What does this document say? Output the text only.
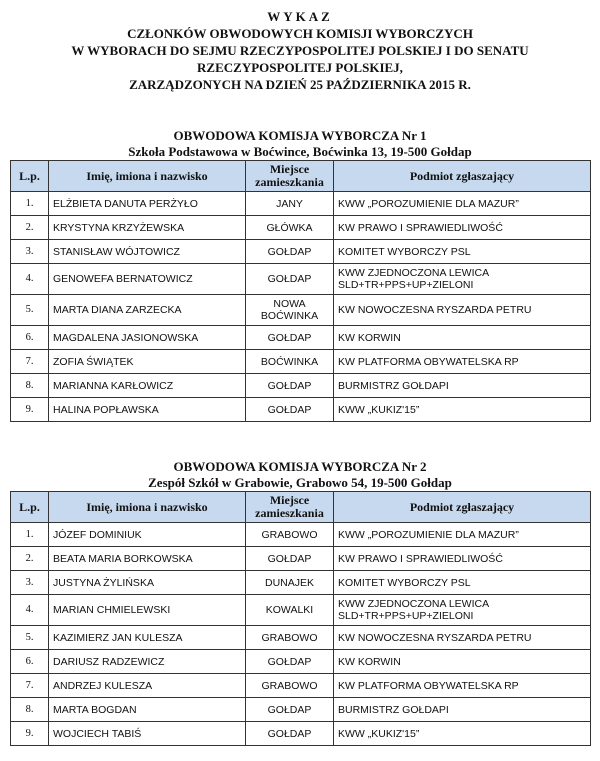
WYKAZ
CZŁONKÓW OBWODOWYCH KOMISJI WYBORCZYCH
W WYBORACH DO SEJMU RZECZYPOSPOLITEJ POLSKIEJ I DO SENATU
RZECZYPOSPOLITEJ POLSKIEJ,
ZARZĄDZONYCH NA DZIEŃ 25 PAŹDZIERNIKA 2015 R.
OBWODOWA KOMISJA WYBORCZA Nr 1
Szkoła Podstawowa w Boćwince, Boćwinka 13, 19-500 Gołdap
L.p.	Imię, imiona i nazwisko	Miejsce zamieszkania	Podmiot zgłaszający
1.	ELŻBIETA DANUTA PERŻYŁO	JANY	KWW „POROZUMIENIE DLA MAZUR”
2.	KRYSTYNA KRZYŻEWSKA	GŁÓWKA	KW PRAWO I SPRAWIEDLIWOŚĆ
3.	STANISŁAW WÓJTOWICZ	GOŁDAP	KOMITET WYBORCZY PSL
4.	GENOWEFA BERNATOWICZ	GOŁDAP	KWW ZJEDNOCZONA LEWICA SLD+TR+PPS+UP+ZIELONI
5.	MARTA DIANA ZARZECKA	NOWA BOĆWINKA	KW NOWOCZESNA RYSZARDA PETRU
6.	MAGDALENA JASIONOWSKA	GOŁDAP	KW KORWIN
7.	ZOFIA ŚWIĄTEK	BOĆWINKA	KW PLATFORMA OBYWATELSKA RP
8.	MARIANNA KARŁOWICZ	GOŁDAP	BURMISTRZ GOŁDAPI
9.	HALINA POPŁAWSKA	GOŁDAP	KWW „KUKIZ'15”
OBWODOWA KOMISJA WYBORCZA Nr 2
Zespół Szkół w Grabowie, Grabowo 54, 19-500 Gołdap
L.p.	Imię, imiona i nazwisko	Miejsce zamieszkania	Podmiot zgłaszający
1.	JÓZEF DOMINIUK	GRABOWO	KWW „POROZUMIENIE DLA MAZUR”
2.	BEATA MARIA BORKOWSKA	GOŁDAP	KW PRAWO I SPRAWIEDLIWOŚĆ
3.	JUSTYNA ŻYLIŃSKA	DUNAJEK	KOMITET WYBORCZY PSL
4.	MARIAN CHMIELEWSKI	KOWALKI	KWW ZJEDNOCZONA LEWICA SLD+TR+PPS+UP+ZIELONI
5.	KAZIMIERZ JAN KULESZA	GRABOWO	KW NOWOCZESNA RYSZARDA PETRU
6.	DARIUSZ RADZEWICZ	GOŁDAP	KW KORWIN
7.	ANDRZEJ KULESZA	GRABOWO	KW PLATFORMA OBYWATELSKA RP
8.	MARTA BOGDAN	GOŁDAP	BURMISTRZ GOŁDAPI
9.	WOJCIECH TABIŚ	GOŁDAP	KWW „KUKIZ'15”
